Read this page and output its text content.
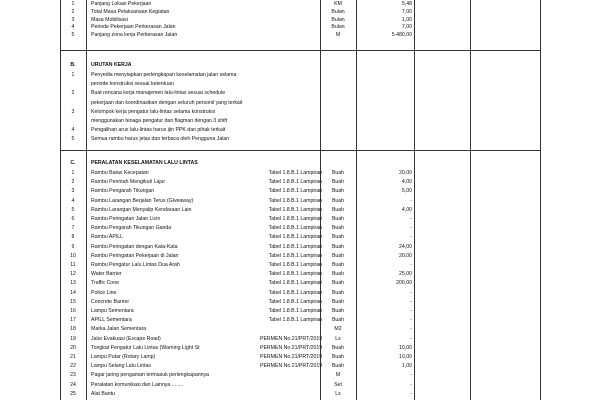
1	Panjang Lokasi Pekerjaan	KM	5,48
2	Total Masa Pelaksanaan Kegiatan	Bulan	7,00
3	Masa Mobilisasi	Bulan	1,00
4	Periode Pekerjaan Perkerasan Jalan	Bulan	7,00
5	Panjang zona kerja Perkerasan Jalan	M	5.480,00
B.	URUTAN KERJA
1	Penyedia menyiapkan perlengkapan keselamatan jalan selama
periode konstruksi sesuai ketentuan
2	Buat rencana kerja manajemen lalu-lintas sesuai schedule
pekerjaan dan koordinasikan dengan seluruh personil yang terkait
3	Kelompok kerja pengatur lalu-lintas selama konstruksi
menggunakan tenaga pengatur dan flagman dengan 3 shift
4	Pengalihan arus lalu-lintas harus ijin PPK dan pihak terkait
5	Semua rambu harus jelas dan terbaca oleh Pengguna Jalan
C.	PERALATAN KESELAMATAN LALU LINTAS
1	Rambu Batas Kecepatan	Tabel 1.8.B.1 Lampiran	Buah	20,00
2	Rambu Perintah Mengikuti Lajur	Tabel 1.8.B.1 Lampiran	Buah	4,00
3	Rambu Pengarah Tikungan	Tabel 1.8.B.1 Lampiran	Buah	5,00
4	Rambu Larangan Berjalan Terus (Giveaway)	Tabel 1.8.B.1 Lampiran	Buah	-
5	Rambu Larangan Menyalip Kendaraan Lain	Tabel 1.8.B.1 Lampiran	Buah	4,00
6	Rambu Peringatan Jalan Licin	Tabel 1.8.B.1 Lampiran	Buah	-
7	Rambu Pengarah Tikungan Ganda	Tabel 1.8.B.1 Lampiran	Buah	-
8	Rambu APILL	Tabel 1.8.B.1 Lampiran	Buah	-
9	Rambu Peringatan dengan Kata-Kata	Tabel 1.8.B.1 Lampiran	Buah	24,00
10	Rambu Peringatan Pekerjaan di Jalan	Tabel 1.8.B.1 Lampiran	Buah	20,00
11	Rambu Pengatur Lalu Lintas Dua Arah	Tabel 1.8.B.1 Lampiran	Buah	-
12	Water Barrier	Tabel 1.8.B.1 Lampiran	Buah	25,00
13	Traffic Cone	Tabel 1.8.B.1 Lampiran	Buah	200,00
14	Police Line	Tabel 1.8.B.1 Lampiran	Buah	-
15	Concrete Barrier	Tabel 1.8.B.1 Lampiran	Buah	-
16	Lampu Sementara	Tabel 1.8.B.1 Lampiran	Buah	-
17	APILL Sementara	Tabel 1.8.B.1 Lampiran	Buah	-
18	Marka Jalan Sementara	M2	-
19	Jalur Evakuasi (Escape Road)	PERMEN No.21/PRT/2019	Ls	-
20	Tongkat Pengatur Lalu Lintas (Warning Light St	PERMEN No.21/PRT/2019	Buah	10,00
21	Lampu Putar (Rotary Lamp)	PERMEN No.21/PRT/2019	Buah	10,00
22	Lampu Selang Lalu Lintas	PERMEN No.21/PRT/2019	Buah	1,00
23	Pagar jaring pengaman termasuk perlengkapannya	M	-
24	Peralatan komunikasi dan Lainnya ........	Set	-
25	Alat Bantu	Ls	-
